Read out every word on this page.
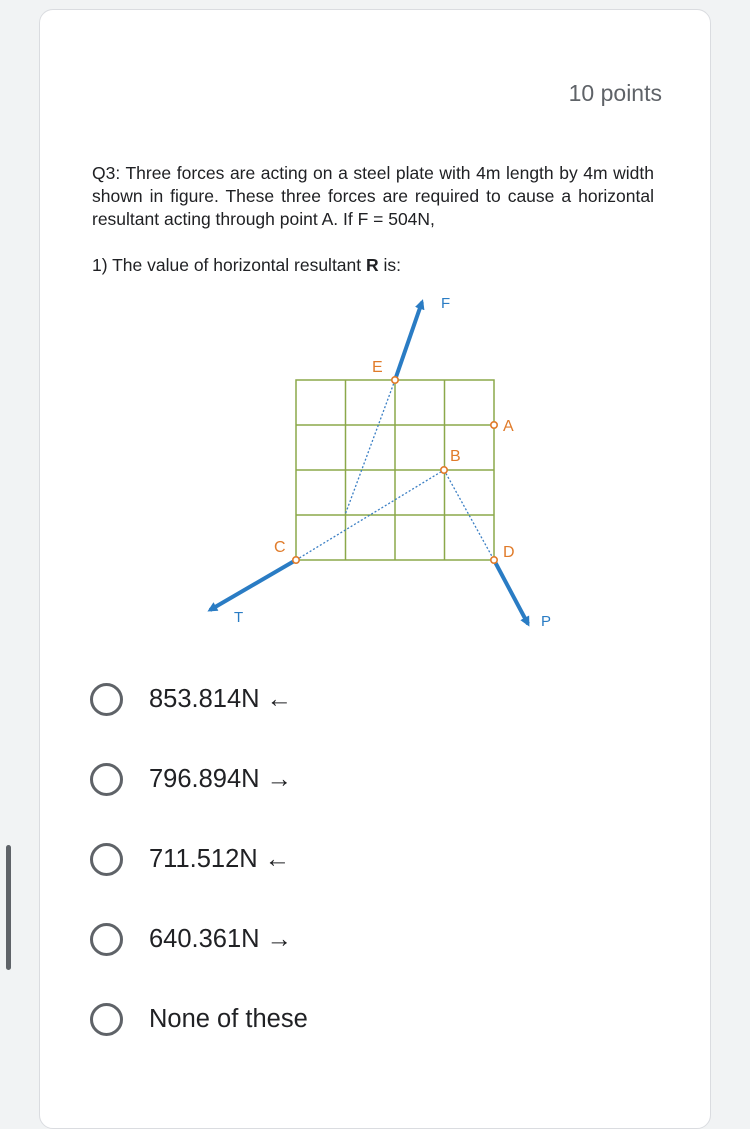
10 points
Q3: Three forces are acting on a steel plate with 4m length by 4m width shown in figure. These three forces are required to cause a horizontal resultant acting through point A. If F = 504N,
1) The value of horizontal resultant R is:
E
A
B
C	D
F
T	P
853.814N ←
796.894N →
711.512N ←
640.361N →
None of these
